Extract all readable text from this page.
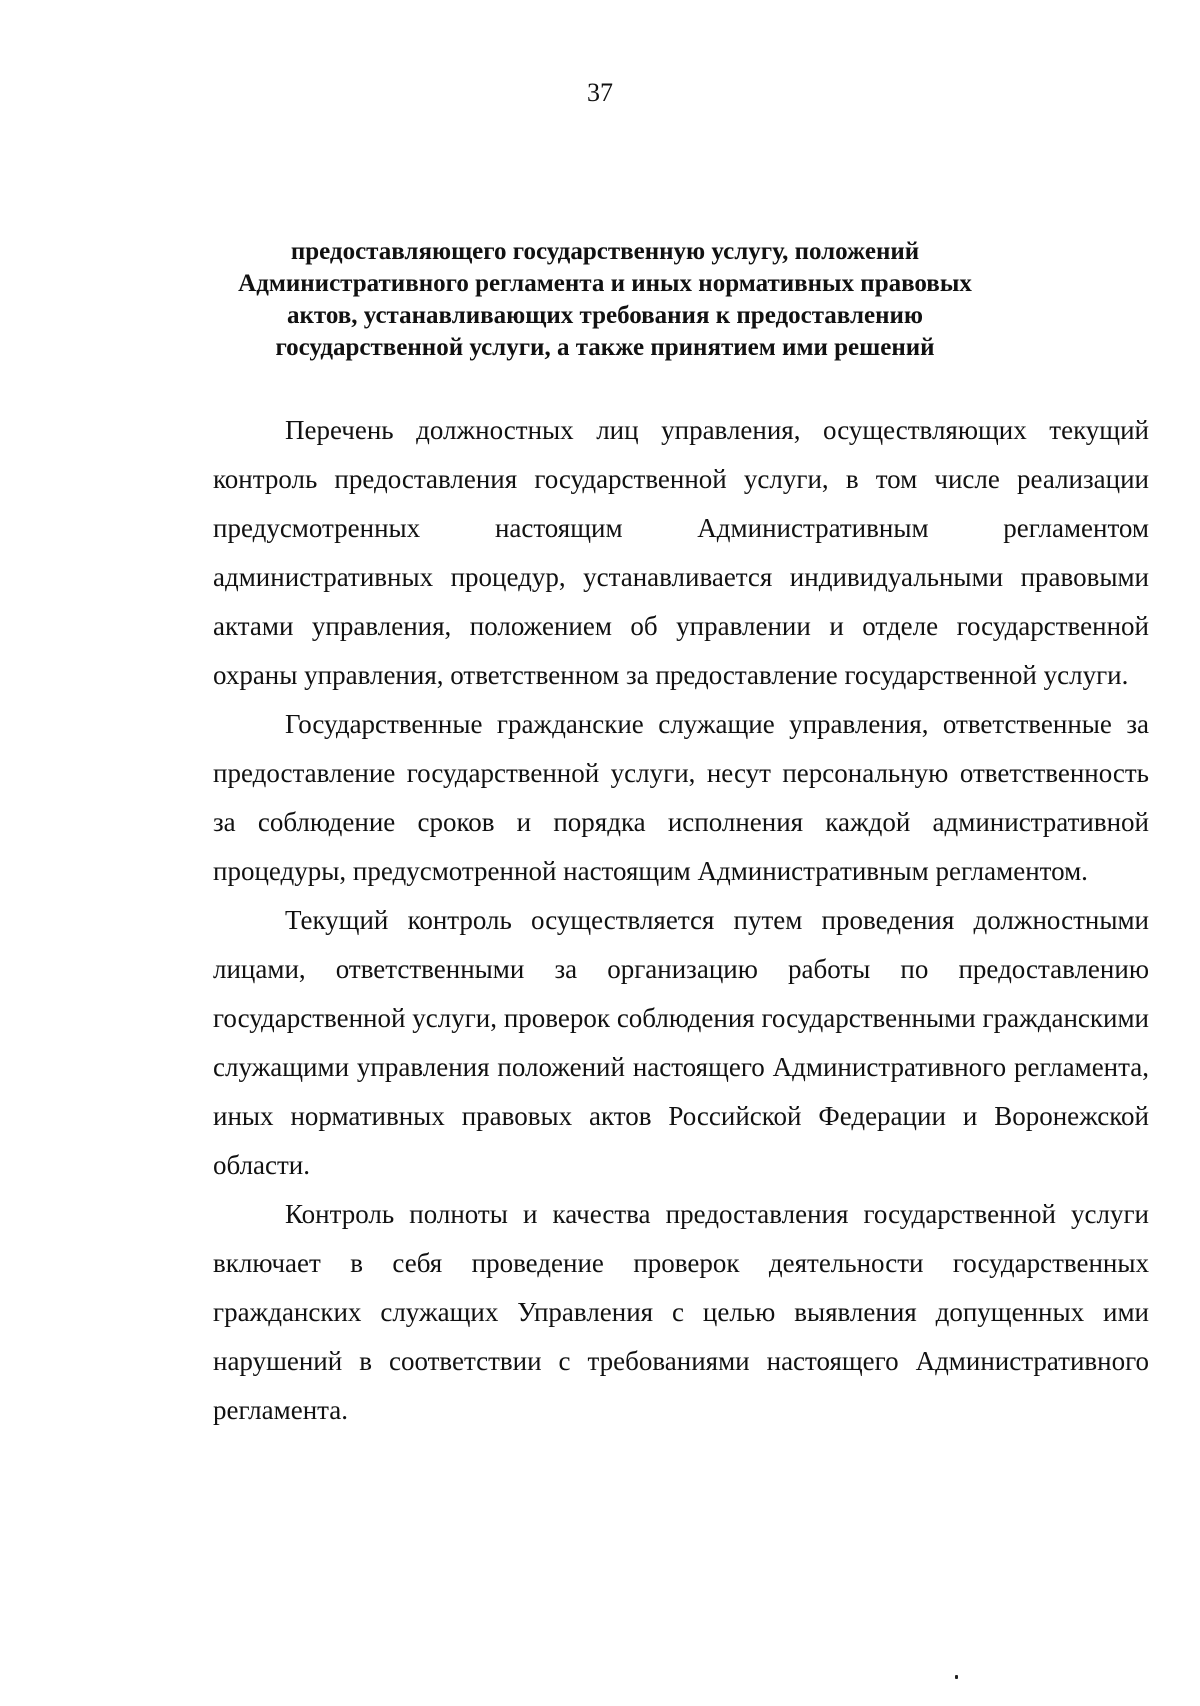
37
предоставляющего государственную услугу, положений Административного регламента и иных нормативных правовых актов, устанавливающих требования к предоставлению государственной услуги, а также принятием ими решений

Перечень должностных лиц управления, осуществляющих текущий контроль предоставления государственной услуги, в том числе реализации предусмотренных настоящим Административным регламентом административных процедур, устанавливается индивидуальными правовыми актами управления, положением об управлении и отделе государственной охраны управления, ответственном за предоставление государственной услуги.

Государственные гражданские служащие управления, ответственные за предоставление государственной услуги, несут персональную ответственность за соблюдение сроков и порядка исполнения каждой административной процедуры, предусмотренной настоящим Административным регламентом.

Текущий контроль осуществляется путем проведения должностными лицами, ответственными за организацию работы по предоставлению государственной услуги, проверок соблюдения государственными гражданскими служащими управления положений настоящего Административного регламента, иных нормативных правовых актов Российской Федерации и Воронежской области.

Контроль полноты и качества предоставления государственной услуги включает в себя проведение проверок деятельности государственных гражданских служащих Управления с целью выявления допущенных ими нарушений в соответствии с требованиями настоящего Административного регламента.
